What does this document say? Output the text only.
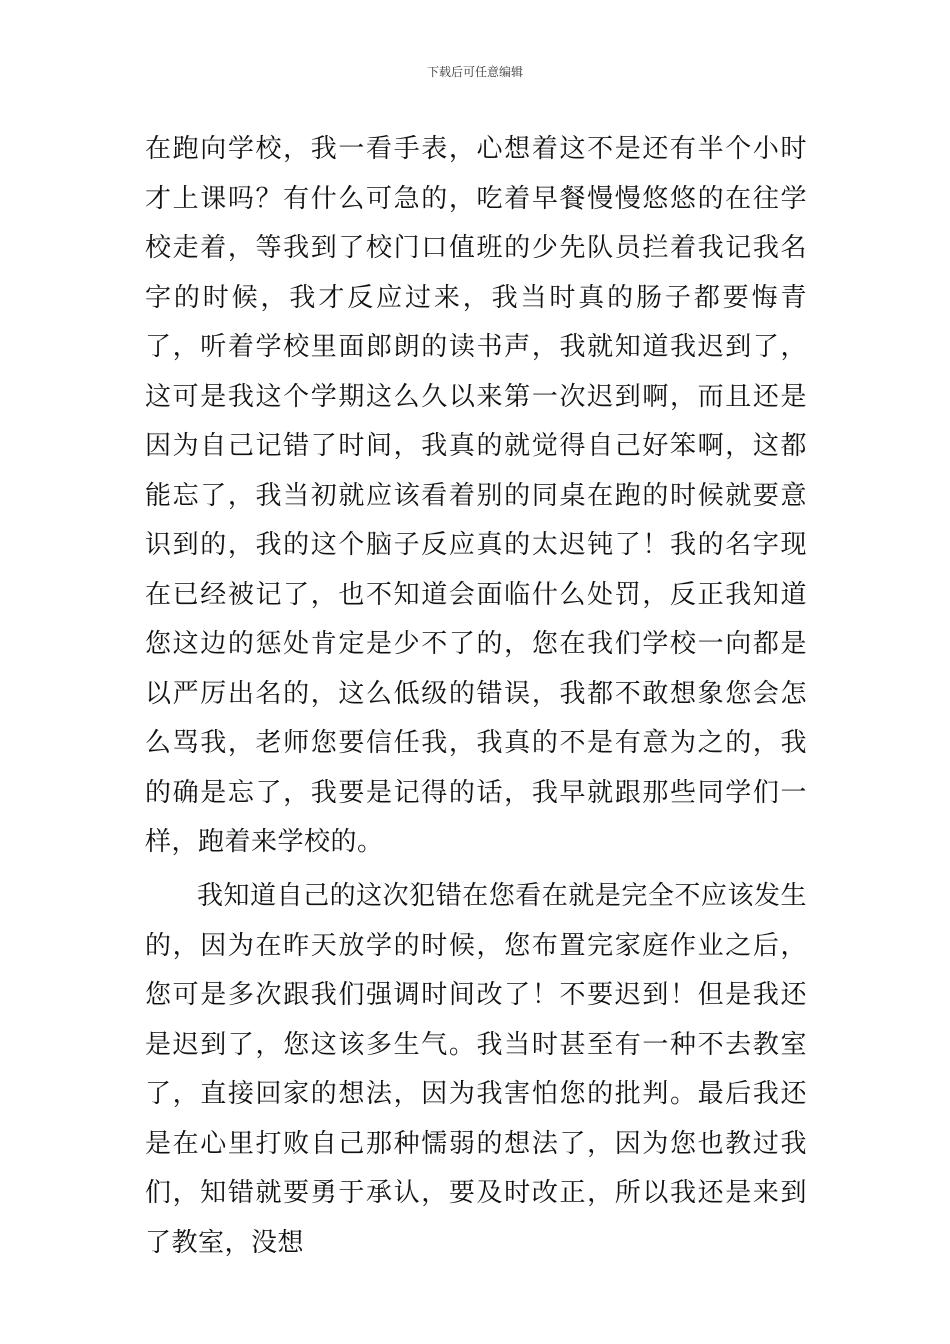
下载后可任意编辑

在跑向学校，我一看手表，心想着这不是还有半个小时才上课吗？有什么可急的，吃着早餐慢慢悠悠的在往学校走着，等我到了校门口值班的少先队员拦着我记我名字的时候，我才反应过来，我当时真的肠子都要悔青了，听着学校里面郎朗的读书声，我就知道我迟到了，这可是我这个学期这么久以来第一次迟到啊，而且还是因为自己记错了时间，我真的就觉得自己好笨啊，这都能忘了，我当初就应该看着别的同桌在跑的时候就要意识到的，我的这个脑子反应真的太迟钝了！我的名字现在已经被记了，也不知道会面临什么处罚，反正我知道您这边的惩处肯定是少不了的，您在我们学校一向都是以严厉出名的，这么低级的错误，我都不敢想象您会怎么骂我，老师您要信任我，我真的不是有意为之的，我的确是忘了，我要是记得的话，我早就跟那些同学们一样，跑着来学校的。

我知道自己的这次犯错在您看在就是完全不应该发生的，因为在昨天放学的时候，您布置完家庭作业之后，您可是多次跟我们强调时间改了！不要迟到！但是我还是迟到了，您这该多生气。我当时甚至有一种不去教室了，直接回家的想法，因为我害怕您的批判。最后我还是在心里打败自己那种懦弱的想法了，因为您也教过我们，知错就要勇于承认，要及时改正，所以我还是来到了教室，没想
